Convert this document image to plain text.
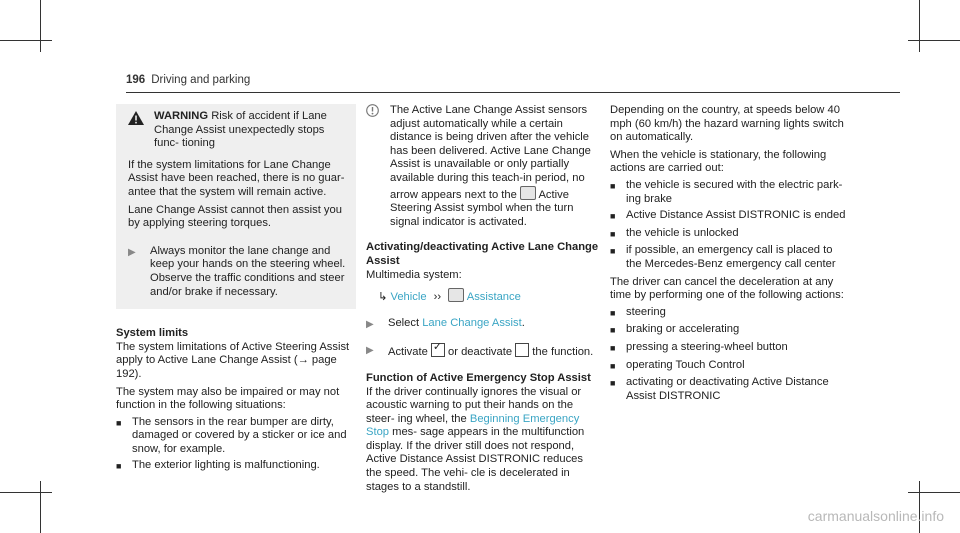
196 Driving and parking

WARNING Risk of accident if Lane Change Assist unexpectedly stops func- tioning

If the system limitations for Lane Change Assist have been reached, there is no guar- antee that the system will remain active.

Lane Change Assist cannot then assist you by applying steering torques.

▶	Always monitor the lane change and keep your hands on the steering wheel. Observe the traffic conditions and steer and/or brake if necessary.

System limits

The system limitations of Active Steering Assist apply to Active Lane Change Assist (→ page 192).

The system may also be impaired or may not function in the following situations:

■ The sensors in the rear bumper are dirty, damaged or covered by a sticker or ice and snow, for example.

■ The exterior lighting is malfunctioning.

The Active Lane Change Assist sensors adjust automatically while a certain distance is being driven after the vehicle has been delivered. Active Lane Change Assist is unavailable or only partially available during this teach-in period, no arrow appears next to the  Active Steering Assist symbol when the turn signal indicator is activated.

Activating/deactivating Active Lane Change Assist

Multimedia system:

↳ Vehicle ›› Assistance

▶	Select Lane Change Assist.

▶	Activate ✓ or deactivate  the function.

Function of Active Emergency Stop Assist

If the driver continually ignores the visual or acoustic warning to put their hands on the steer- ing wheel, the Beginning Emergency Stop mes- sage appears in the multifunction display. If the driver still does not respond, Active Distance Assist DISTRONIC reduces the speed. The vehi- cle is decelerated in stages to a standstill.

Depending on the country, at speeds below 40 mph (60 km/h) the hazard warning lights switch on automatically.

When the vehicle is stationary, the following actions are carried out:

■ the vehicle is secured with the electric park- ing brake

■ Active Distance Assist DISTRONIC is ended

■ the vehicle is unlocked

■ if possible, an emergency call is placed to the Mercedes-Benz emergency call center

The driver can cancel the deceleration at any time by performing one of the following actions:

■ steering

■ braking or accelerating

■ pressing a steering-wheel button

■ operating Touch Control

■ activating or deactivating Active Distance Assist DISTRONIC

carmanualsonline.info
